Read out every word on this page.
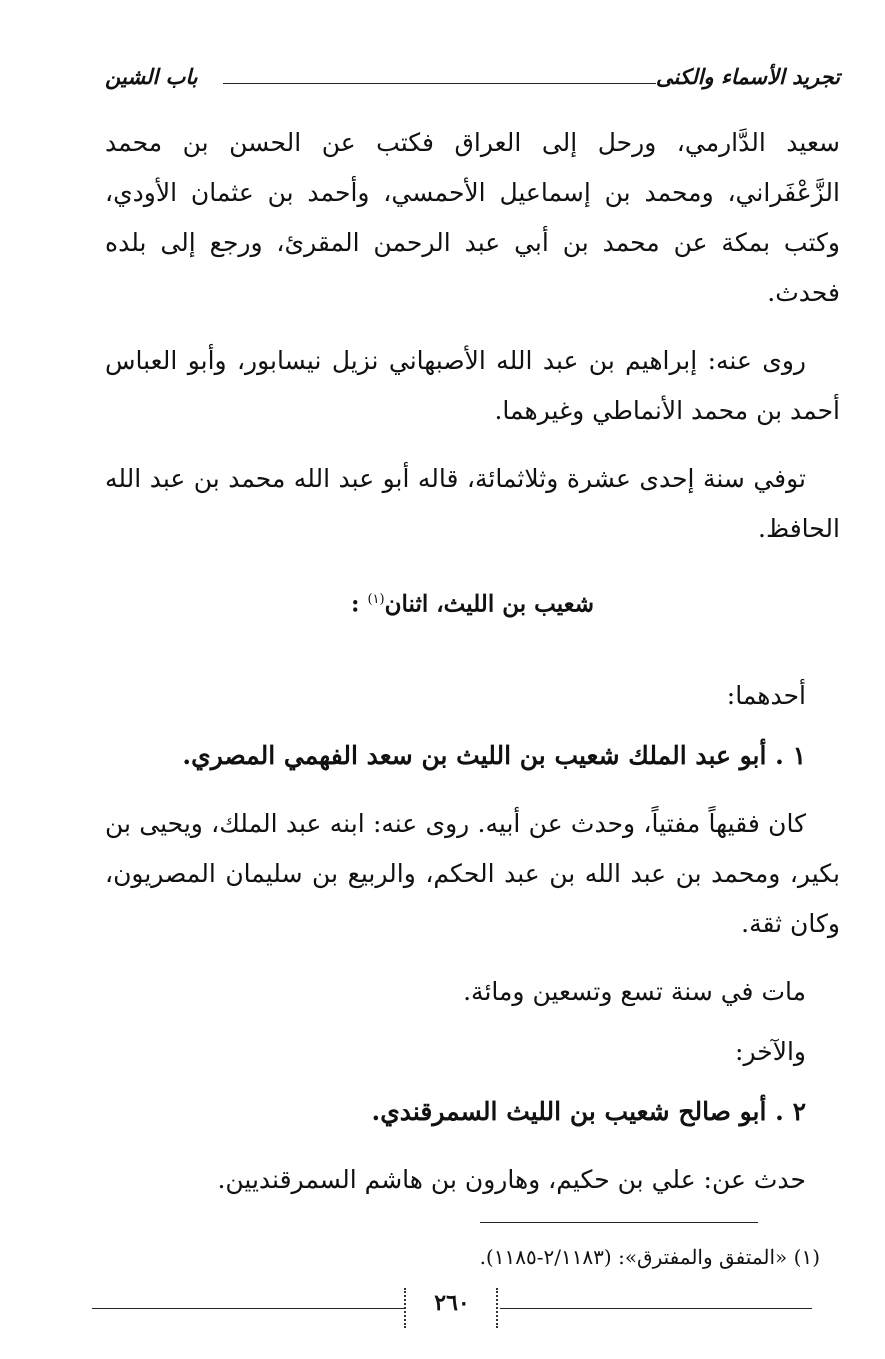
تجريد الأسماء والكنى
باب الشين

سعيد الدَّارمي، ورحل إلى العراق فكتب عن الحسن بن محمد الزَّعْفَراني، ومحمد بن إسماعيل الأحمسي، وأحمد بن عثمان الأودي، وكتب بمكة عن محمد بن أبي عبد الرحمن المقرئ، ورجع إلى بلده فحدث.

روى عنه: إبراهيم بن عبد الله الأصبهاني نزيل نيسابور، وأبو العباس أحمد بن محمد الأنماطي وغيرهما.

توفي سنة إحدى عشرة وثلاثمائة، قاله أبو عبد الله محمد بن عبد الله الحافظ.

شعيب بن الليث، اثنان$^{(١)}$ :

أحدهما:

١ . أبو عبد الملك شعيب بن الليث بن سعد الفهمي المصري.

كان فقيهاً مفتياً، وحدث عن أبيه. روى عنه: ابنه عبد الملك، ويحيى بن بكير، ومحمد بن عبد الله بن عبد الحكم، والربيع بن سليمان المصريون، وكان ثقة.

مات في سنة تسع وتسعين ومائة.

والآخر:

٢ . أبو صالح شعيب بن الليث السمرقندي.

حدث عن: علي بن حكيم، وهارون بن هاشم السمرقنديين.

(١) «المتفق والمفترق»: (٢/١١٨٣-١١٨٥).
٢٦٠
